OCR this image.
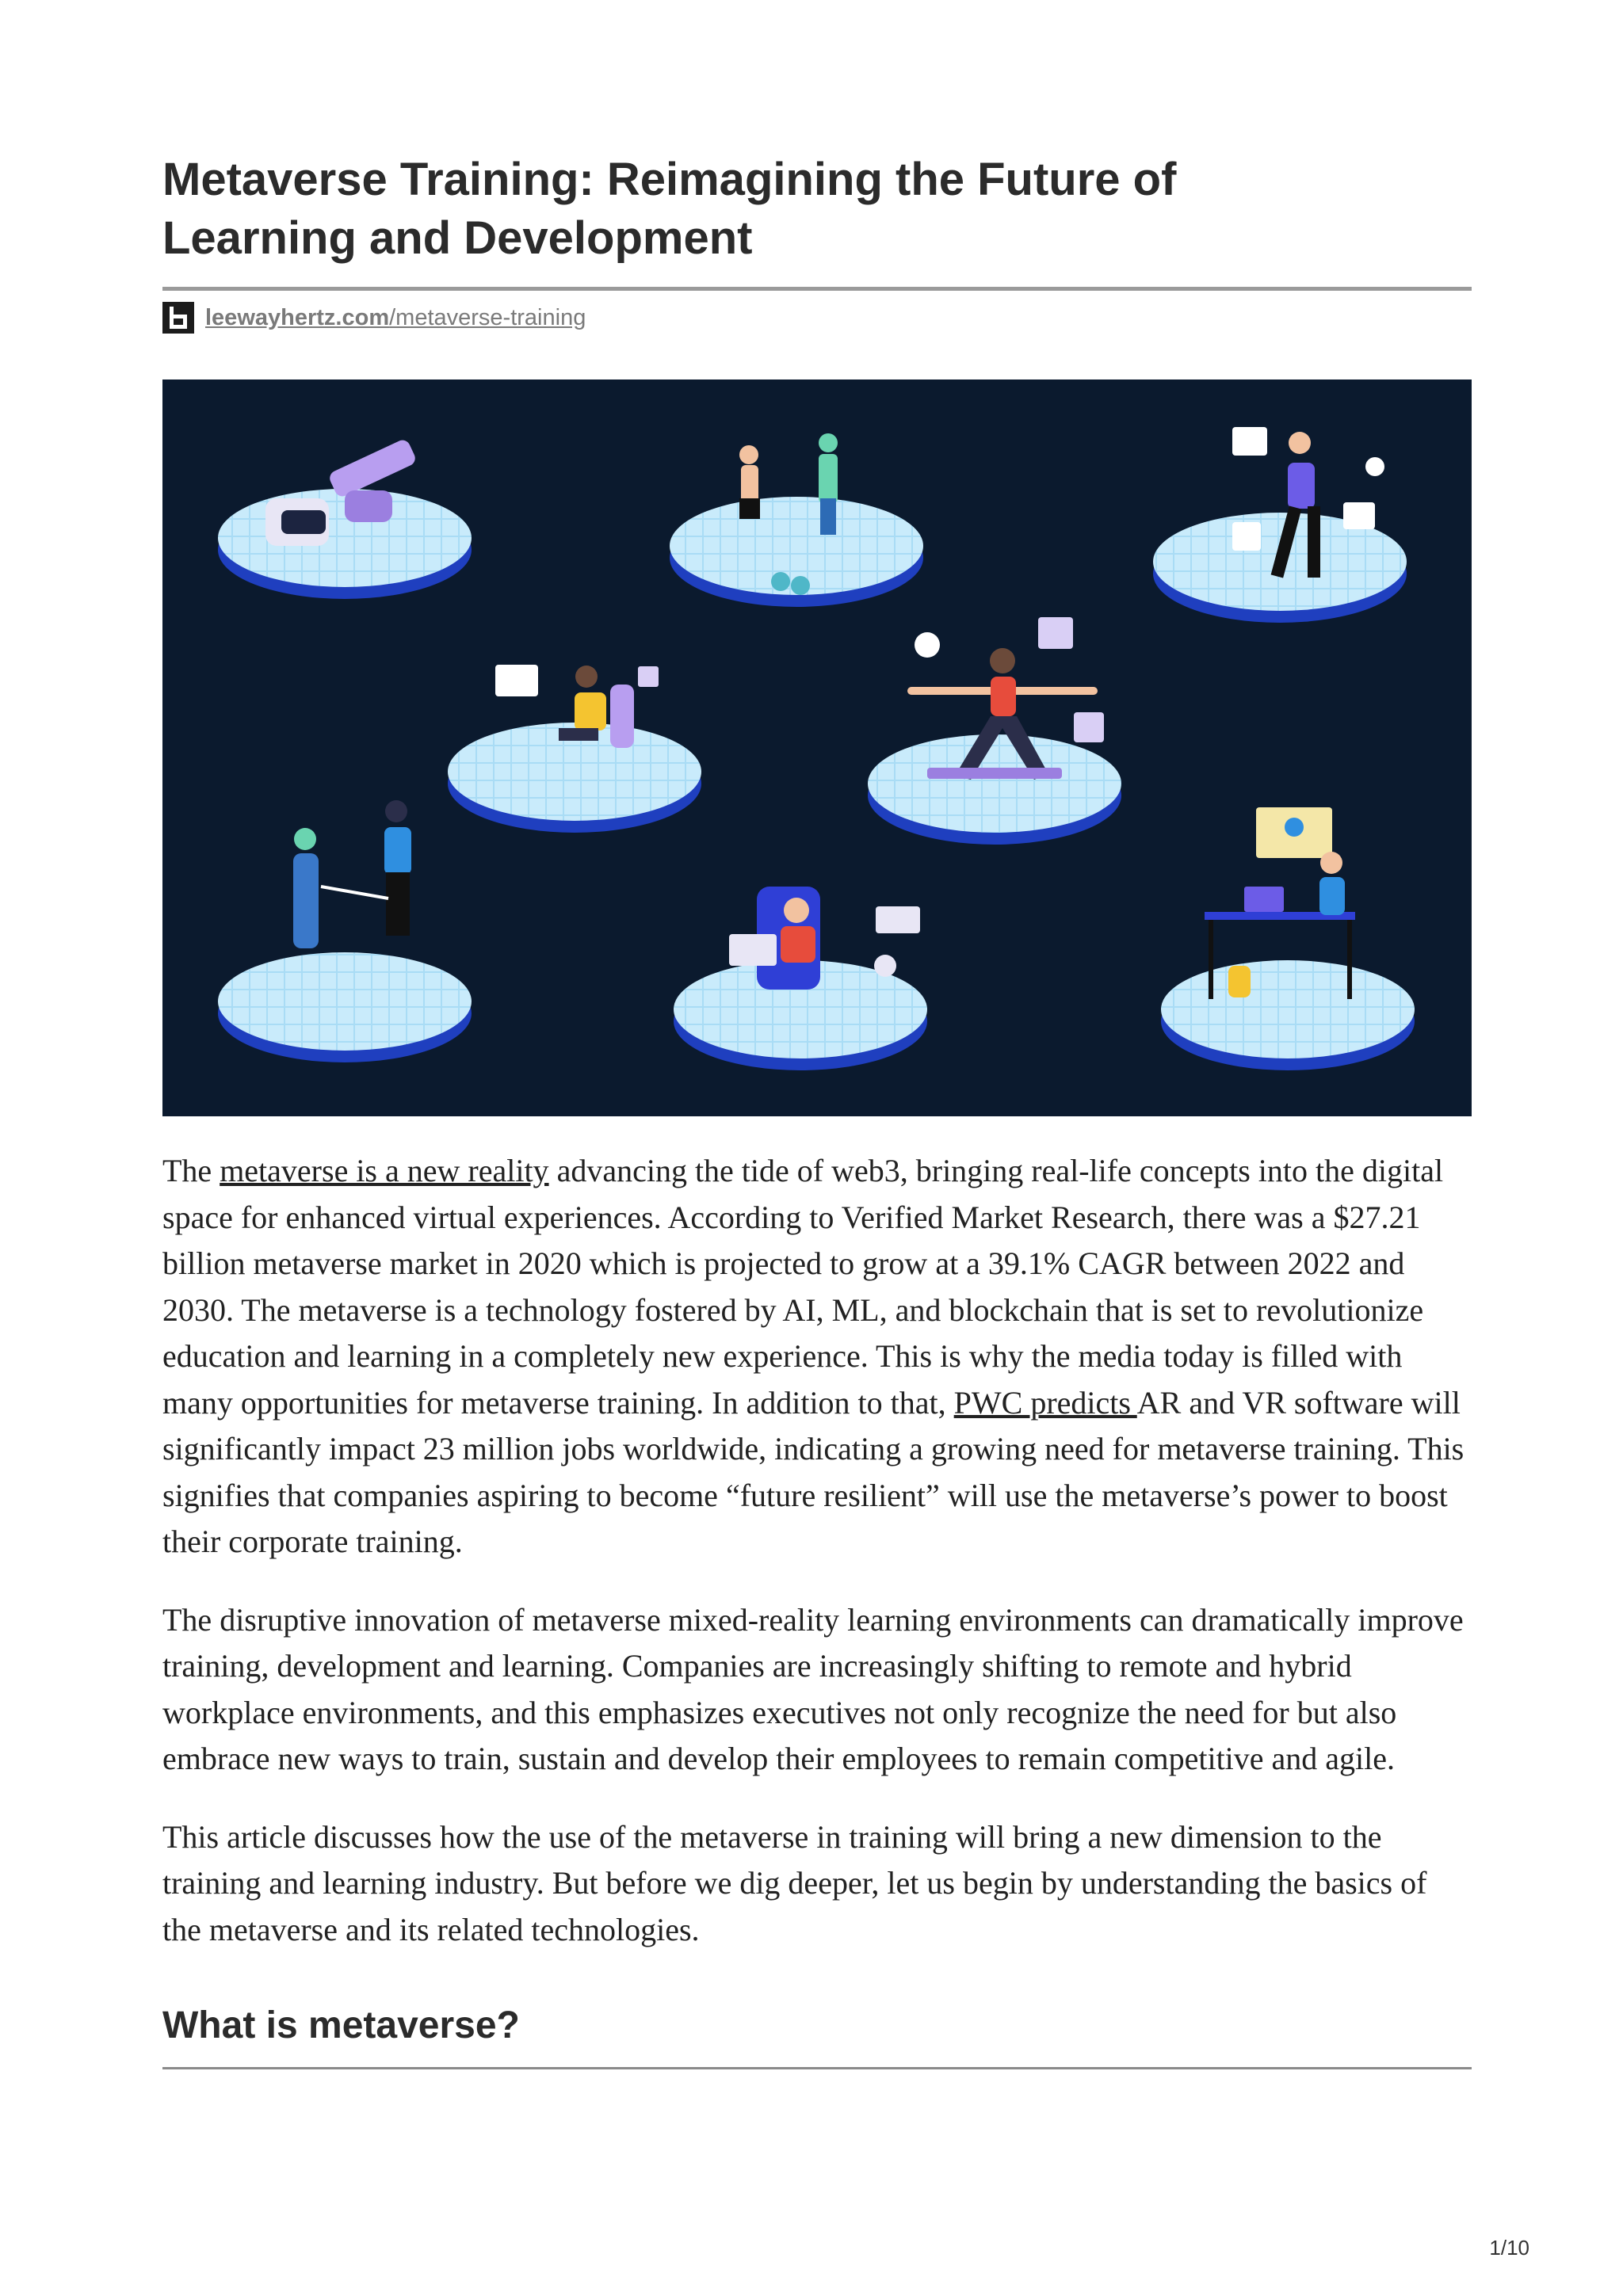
Metaverse Training: Reimagining the Future of Learning and Development
leewayhertz.com/metaverse-training

The metaverse is a new reality advancing the tide of web3, bringing real-life concepts into the digital space for enhanced virtual experiences. According to Verified Market Research, there was a $27.21 billion metaverse market in 2020 which is projected to grow at a 39.1% CAGR between 2022 and 2030. The metaverse is a technology fostered by AI, ML, and blockchain that is set to revolutionize education and learning in a completely new experience. This is why the media today is filled with many opportunities for metaverse training. In addition to that, PWC predicts AR and VR software will significantly impact 23 million jobs worldwide, indicating a growing need for metaverse training. This signifies that companies aspiring to become “future resilient” will use the metaverse’s power to boost their corporate training.

The disruptive innovation of metaverse mixed-reality learning environments can dramatically improve training, development and learning. Companies are increasingly shifting to remote and hybrid workplace environments, and this emphasizes executives not only recognize the need for but also embrace new ways to train, sustain and develop their employees to remain competitive and agile.

This article discusses how the use of the metaverse in training will bring a new dimension to the training and learning industry. But before we dig deeper, let us begin by understanding the basics of the metaverse and its related technologies.

What is metaverse?
1/10
